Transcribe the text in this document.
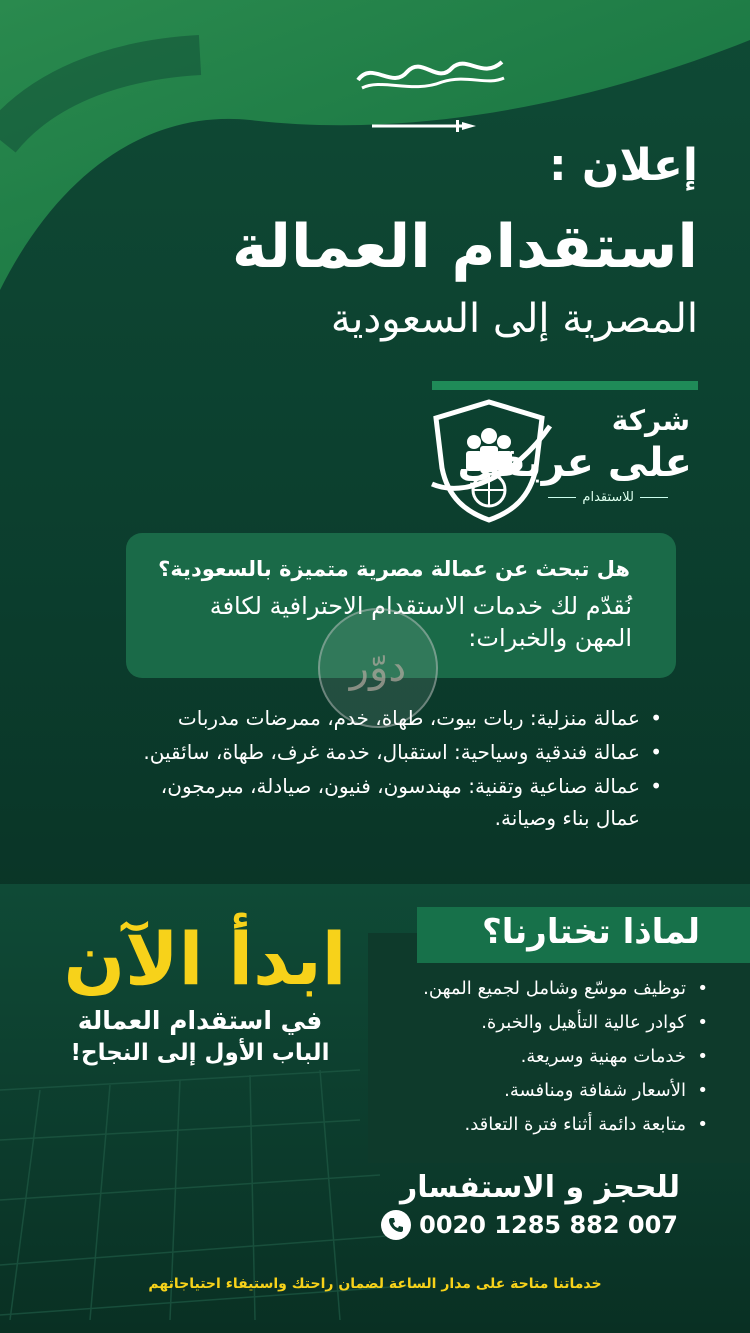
إعلان :
استقدام العمالة
المصرية إلى السعودية
شركة
على عريفي
للاستقدام
هل تبحث عن عمالة مصرية متميزة بالسعودية؟
نُقدّم لك خدمات الاستقدام الاحترافية لكافة المهن والخبرات:
دوّر
• عمالة منزلية: ربات بيوت، طهاة، خدم، ممرضات مدربات
• عمالة فندقية وسياحية: استقبال، خدمة غرف، طهاة، سائقين.
• عمالة صناعية وتقنية: مهندسون، فنيون، صيادلة، مبرمجون، عمال بناء وصيانة.
لماذا تختارنا؟
• توظيف موسّع وشامل لجميع المهن.
• كوادر عالية التأهيل والخبرة.
• خدمات مهنية وسريعة.
• الأسعار شفافة ومنافسة.
• متابعة دائمة أثناء فترة التعاقد.
ابدأ الآن
في استقدام العمالة
الباب الأول إلى النجاح!
للحجز و الاستفسار
0020 1285 882 007
خدماتنا متاحة على مدار الساعة لضمان راحتك واستيفاء احتياجاتهم
